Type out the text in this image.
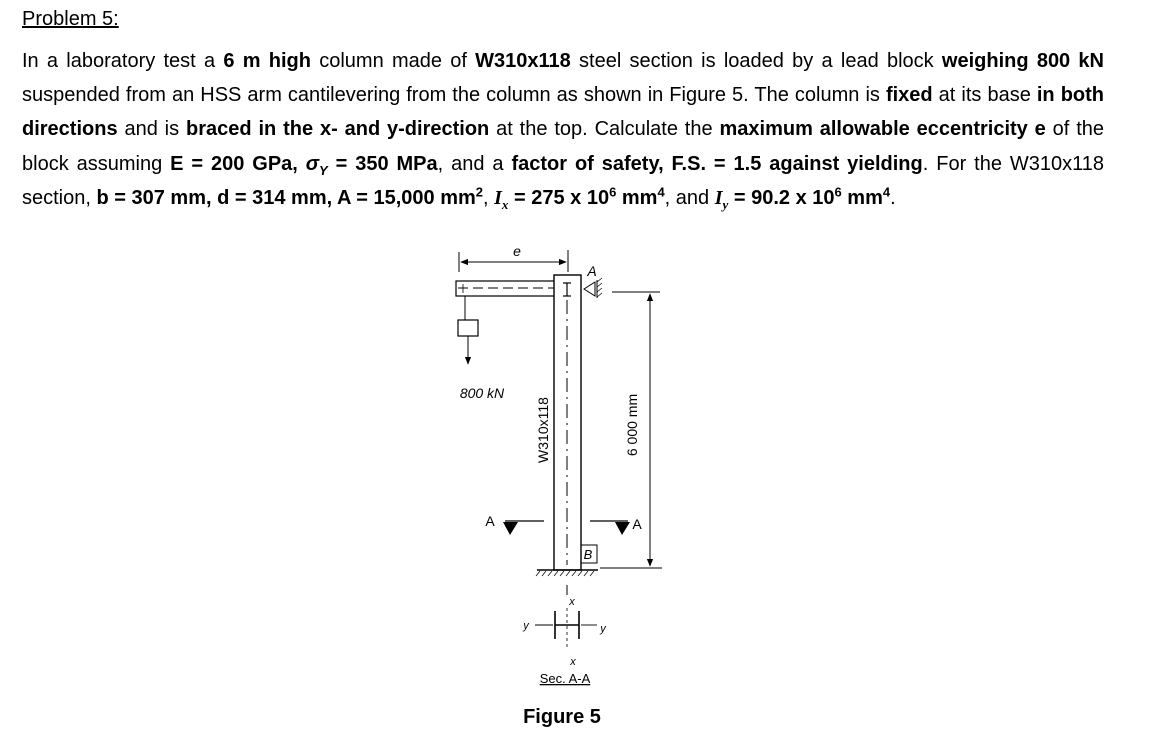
Problem 5:
In a laboratory test a 6 m high column made of W310x118 steel section is loaded by a lead block weighing 800 kN suspended from an HSS arm cantilevering from the column as shown in Figure 5. The column is fixed at its base in both directions and is braced in the x- and y-direction at the top. Calculate the maximum allowable eccentricity e of the block assuming E = 200 GPa, $\sigma_Y = 350$ MPa, and a factor of safety, F.S. = 1.5 against yielding. For the W310x118 section, b = 307 mm, d = 314 mm, A = 15,000 $mm^2$, $I_x = 275$ x $10^6$ $mm^4$, and $I_y = 90.2$ x $10^6$ $mm^4$.
e
W310x118
A
800 kN
6 000 mm
A	A
B
x
y	y
x
Sec. A-A
Figure 5
